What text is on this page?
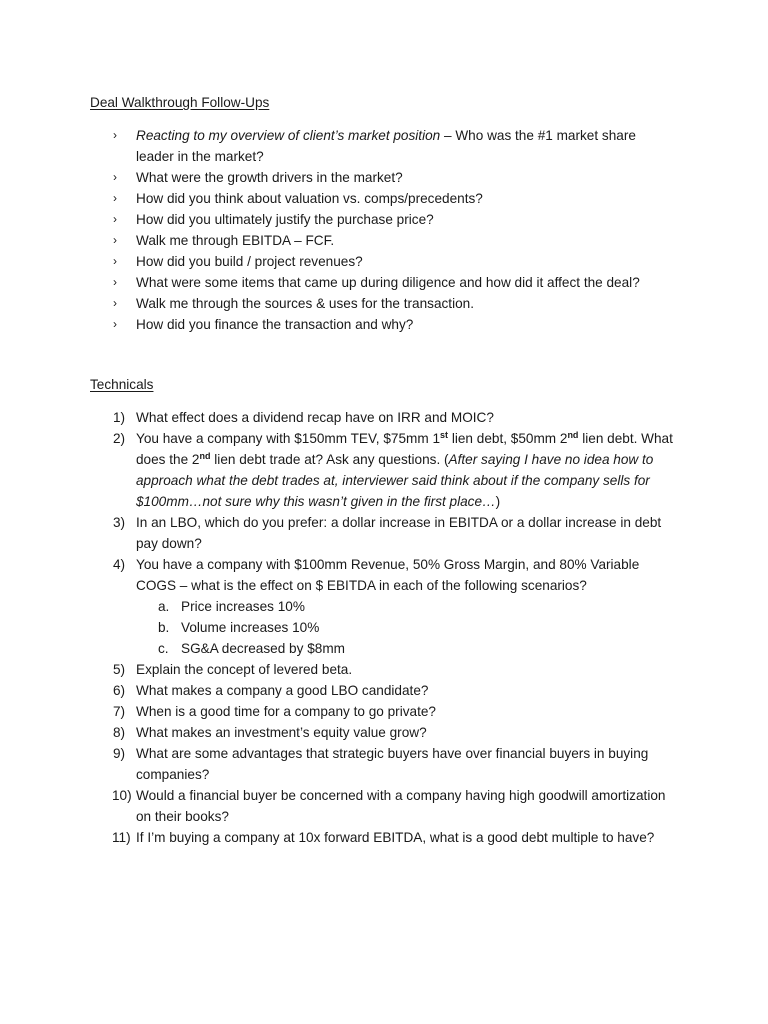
Deal Walkthrough Follow-Ups
› Reacting to my overview of client’s market position – Who was the #1 market share leader in the market?
› What were the growth drivers in the market?
› How did you think about valuation vs. comps/precedents?
› How did you ultimately justify the purchase price?
› Walk me through EBITDA – FCF.
› How did you build / project revenues?
› What were some items that came up during diligence and how did it affect the deal?
› Walk me through the sources & uses for the transaction.
› How did you finance the transaction and why?
Technicals
1) What effect does a dividend recap have on IRR and MOIC?
2) You have a company with $150mm TEV, $75mm 1st lien debt, $50mm 2nd lien debt. What does the 2nd lien debt trade at? Ask any questions. (After saying I have no idea how to approach what the debt trades at, interviewer said think about if the company sells for $100mm…not sure why this wasn’t given in the first place…)
3) In an LBO, which do you prefer: a dollar increase in EBITDA or a dollar increase in debt pay down?
4) You have a company with $100mm Revenue, 50% Gross Margin, and 80% Variable COGS – what is the effect on $ EBITDA in each of the following scenarios?
a. Price increases 10%
b. Volume increases 10%
c. SG&A decreased by $8mm
5) Explain the concept of levered beta.
6) What makes a company a good LBO candidate?
7) When is a good time for a company to go private?
8) What makes an investment’s equity value grow?
9) What are some advantages that strategic buyers have over financial buyers in buying companies?
10) Would a financial buyer be concerned with a company having high goodwill amortization on their books?
11) If I’m buying a company at 10x forward EBITDA, what is a good debt multiple to have?
